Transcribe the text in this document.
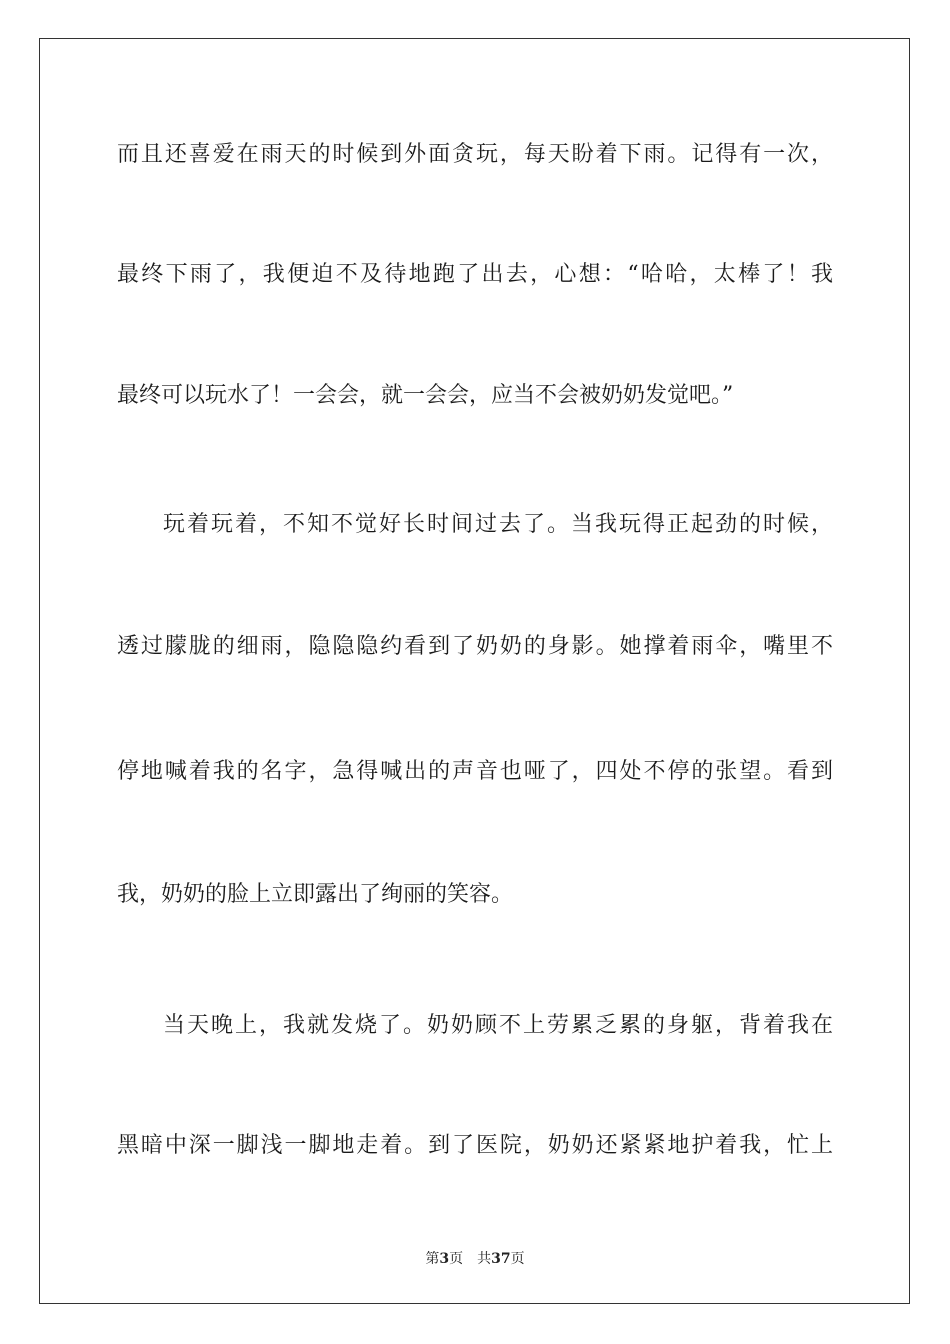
而且还喜爱在雨天的时候到外面贪玩，每天盼着下雨。记得有一次，
最终下雨了，我便迫不及待地跑了出去，心想：“哈哈，太棒了！我
最终可以玩水了！一会会，就一会会，应当不会被奶奶发觉吧。”
玩着玩着，不知不觉好长时间过去了。当我玩得正起劲的时候，
透过朦胧的细雨，隐隐隐约看到了奶奶的身影。她撑着雨伞，嘴里不
停地喊着我的名字，急得喊出的声音也哑了，四处不停的张望。看到
我，奶奶的脸上立即露出了绚丽的笑容。
当天晚上，我就发烧了。奶奶顾不上劳累乏累的身躯，背着我在
黑暗中深一脚浅一脚地走着。到了医院，奶奶还紧紧地护着我，忙上
第3页 共37页
